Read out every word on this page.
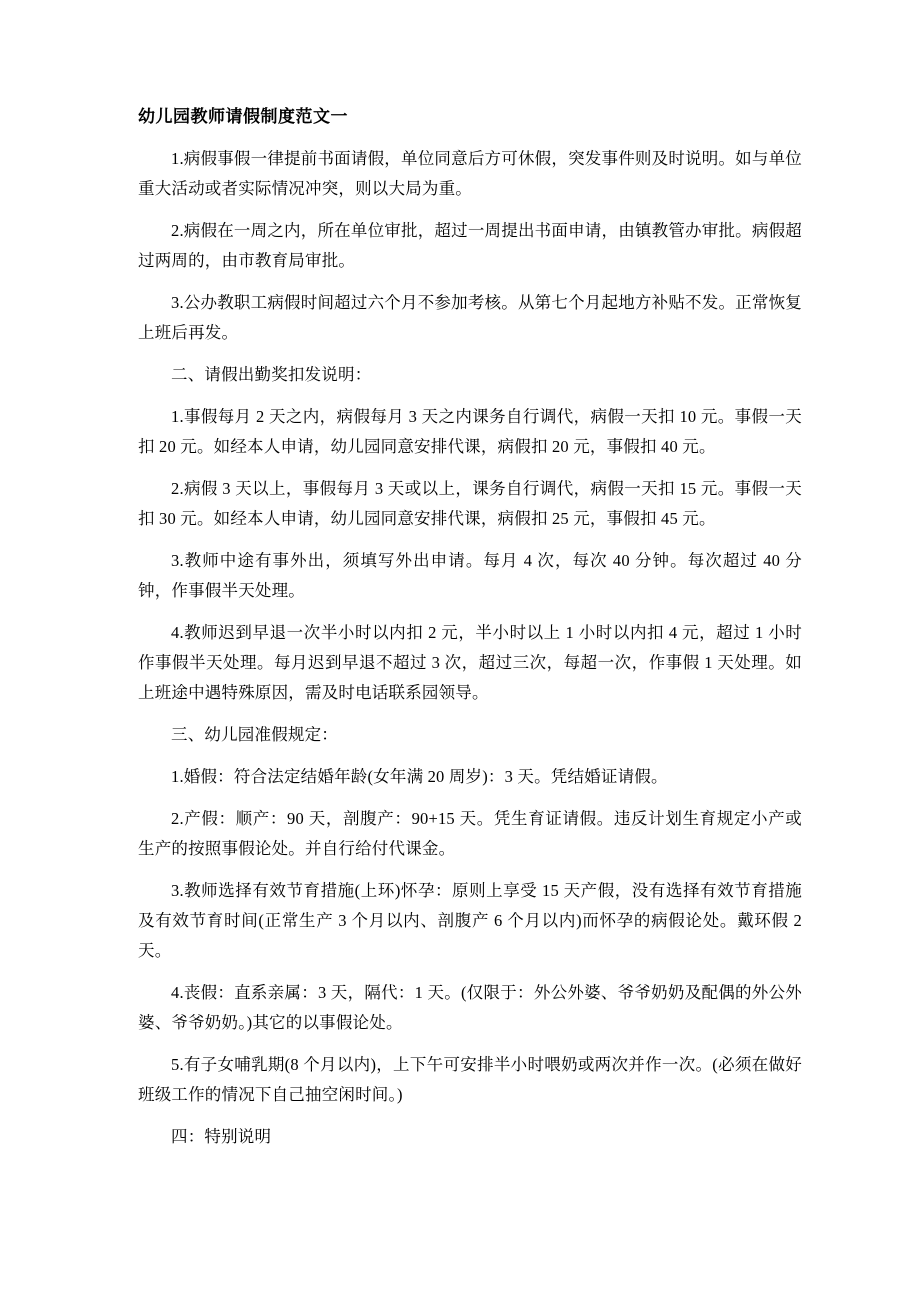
幼儿园教师请假制度范文一

1.病假事假一律提前书面请假，单位同意后方可休假，突发事件则及时说明。如与单位重大活动或者实际情况冲突，则以大局为重。

2.病假在一周之内，所在单位审批，超过一周提出书面申请，由镇教管办审批。病假超过两周的，由市教育局审批。

3.公办教职工病假时间超过六个月不参加考核。从第七个月起地方补贴不发。正常恢复上班后再发。

二、请假出勤奖扣发说明：

1.事假每月 2 天之内，病假每月 3 天之内课务自行调代，病假一天扣 10 元。事假一天扣 20 元。如经本人申请，幼儿园同意安排代课，病假扣 20 元，事假扣 40 元。

2.病假 3 天以上，事假每月 3 天或以上，课务自行调代，病假一天扣 15 元。事假一天扣 30 元。如经本人申请，幼儿园同意安排代课，病假扣 25 元，事假扣 45 元。

3.教师中途有事外出，须填写外出申请。每月 4 次，每次 40 分钟。每次超过 40 分钟，作事假半天处理。

4.教师迟到早退一次半小时以内扣 2 元，半小时以上 1 小时以内扣 4 元，超过 1 小时作事假半天处理。每月迟到早退不超过 3 次，超过三次，每超一次，作事假 1 天处理。如上班途中遇特殊原因，需及时电话联系园领导。

三、幼儿园准假规定：

1.婚假：符合法定结婚年龄(女年满 20 周岁)：3 天。凭结婚证请假。

2.产假：顺产：90 天，剖腹产：90+15 天。凭生育证请假。违反计划生育规定小产或生产的按照事假论处。并自行给付代课金。

3.教师选择有效节育措施(上环)怀孕：原则上享受 15 天产假，没有选择有效节育措施及有效节育时间(正常生产 3 个月以内、剖腹产 6 个月以内)而怀孕的病假论处。戴环假 2 天。

4.丧假：直系亲属：3 天，隔代：1 天。(仅限于：外公外婆、爷爷奶奶及配偶的外公外婆、爷爷奶奶。)其它的以事假论处。

5.有子女哺乳期(8 个月以内)，上下午可安排半小时喂奶或两次并作一次。(必须在做好班级工作的情况下自己抽空闲时间。)

四：特别说明
